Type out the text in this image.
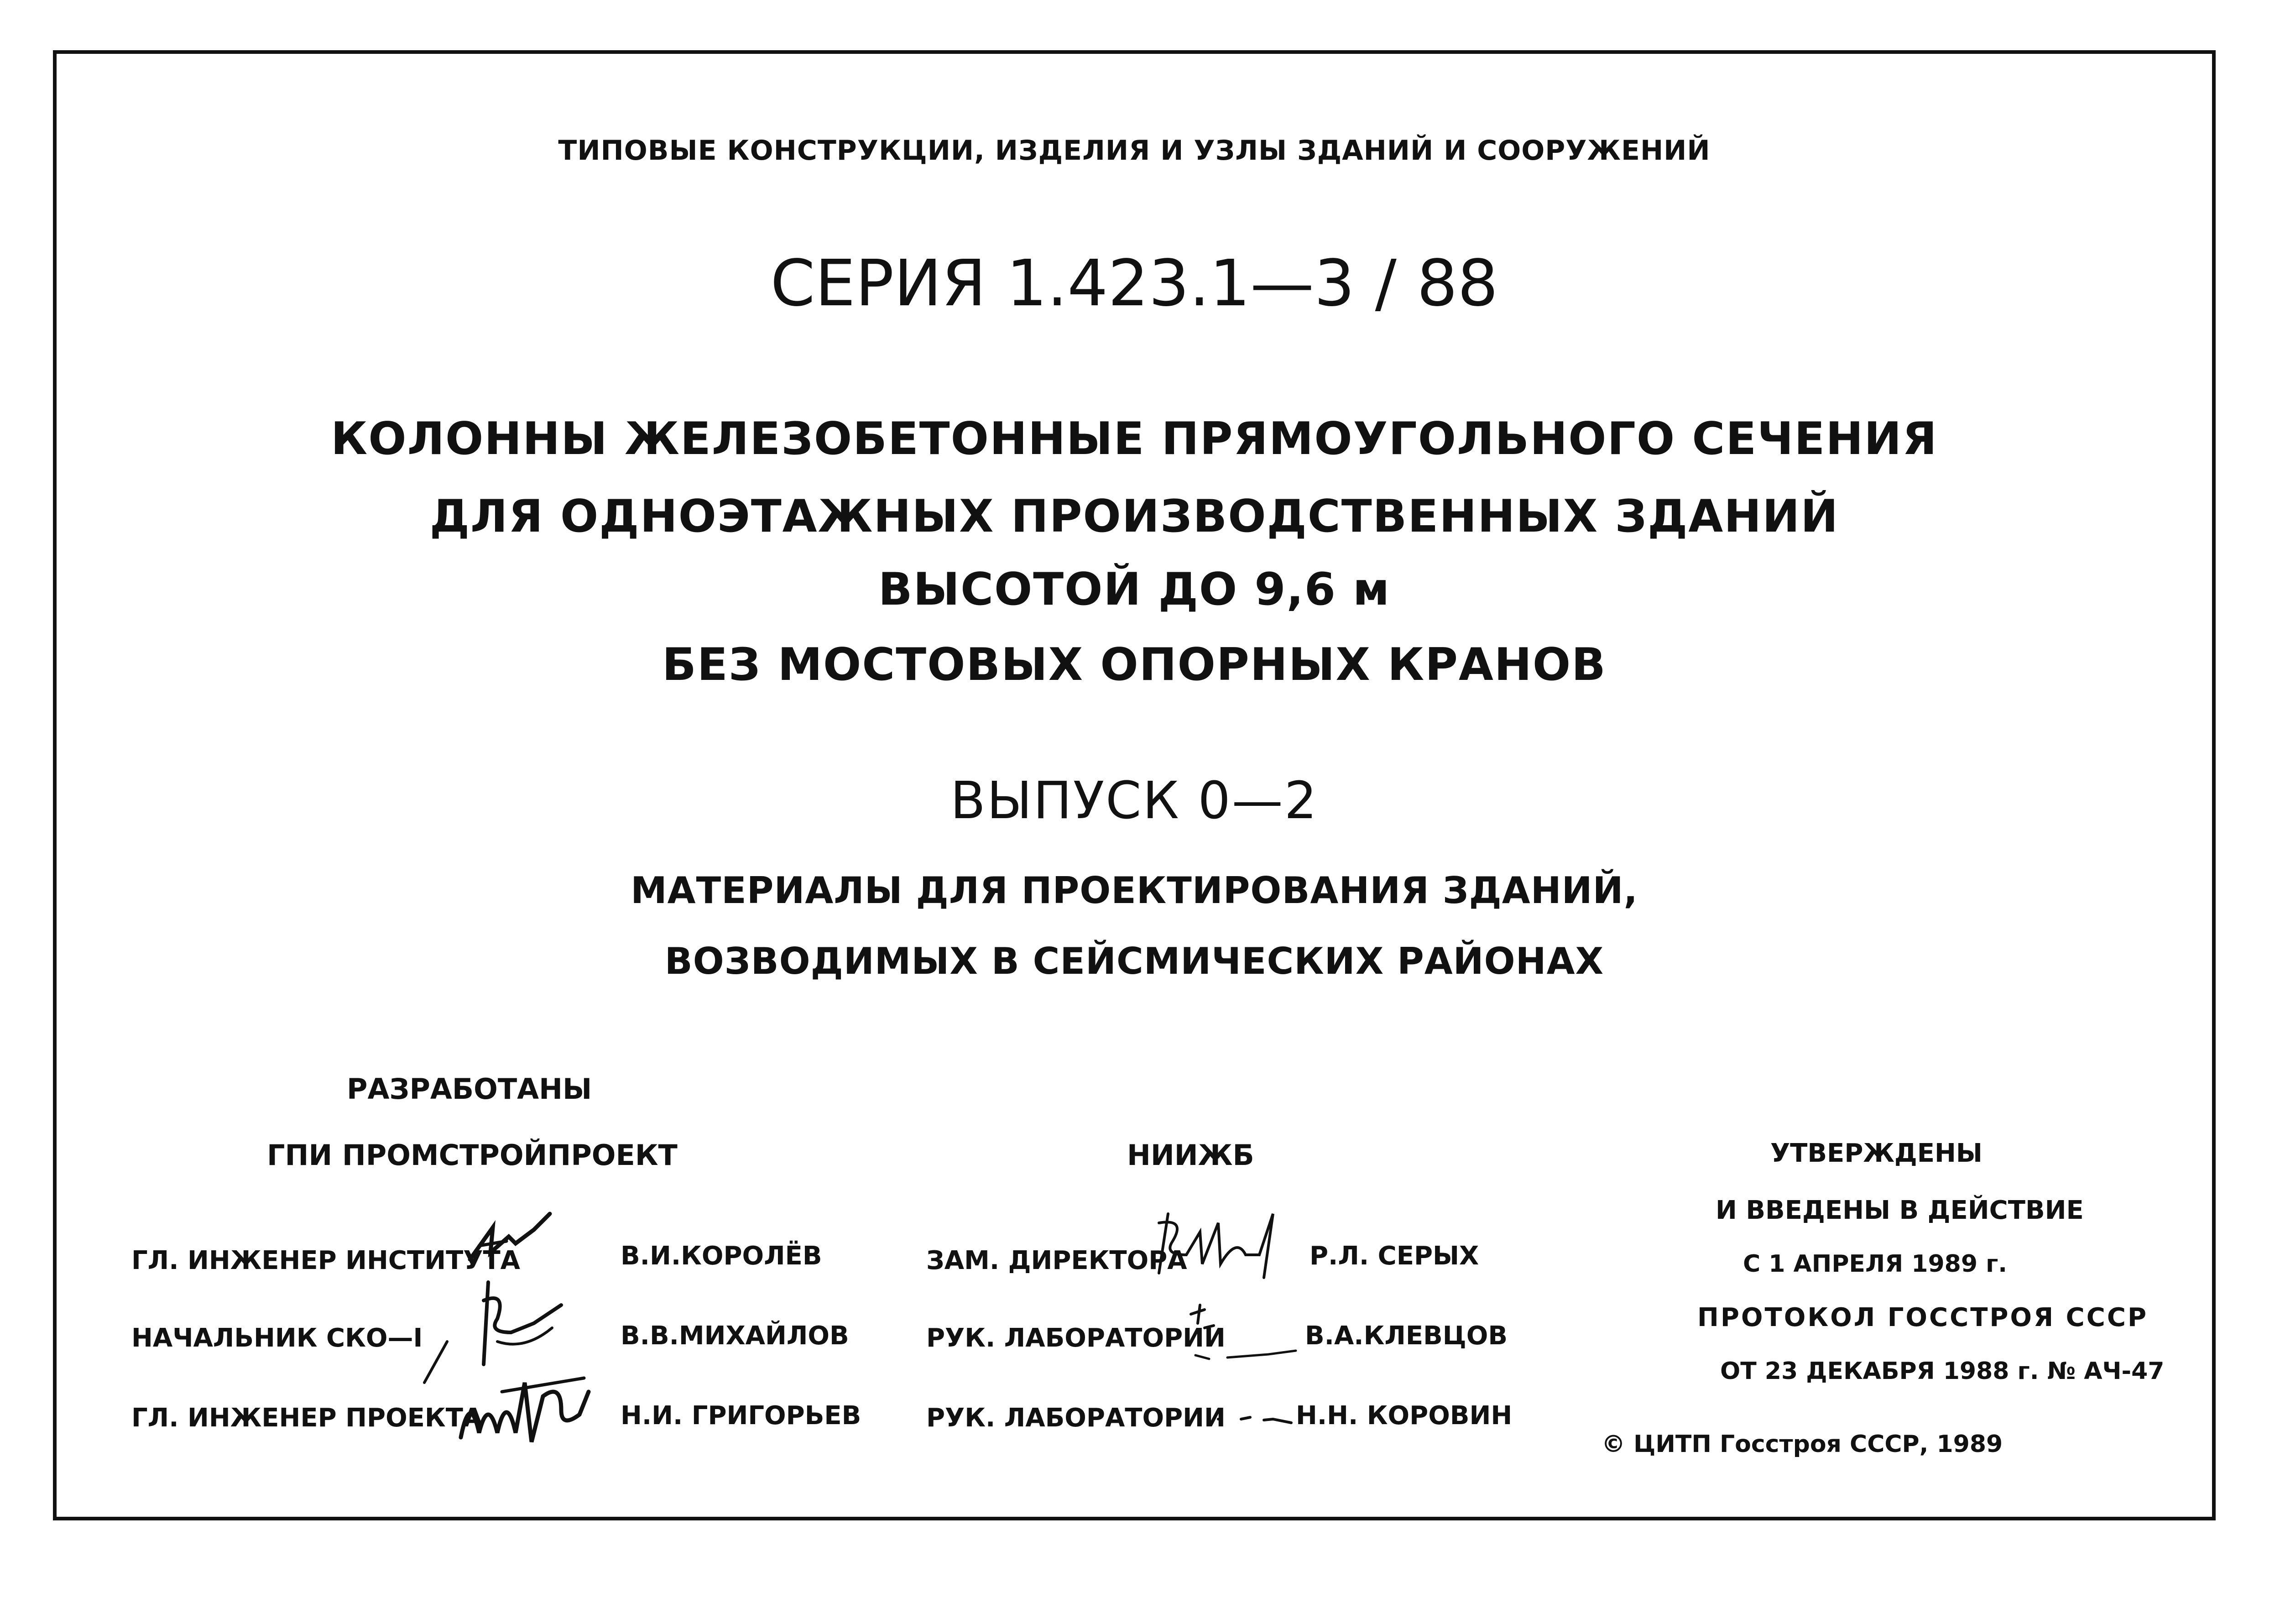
ТИПОВЫЕ КОНСТРУКЦИИ, ИЗДЕЛИЯ И УЗЛЫ ЗДАНИЙ И СООРУЖЕНИЙ
СЕРИЯ 1.423.1—3 / 88
КОЛОННЫ ЖЕЛЕЗОБЕТОННЫЕ ПРЯМОУГОЛЬНОГО СЕЧЕНИЯ
ДЛЯ ОДНОЭТАЖНЫХ ПРОИЗВОДСТВЕННЫХ ЗДАНИЙ
ВЫСОТОЙ ДО 9,6 м
БЕЗ МОСТОВЫХ ОПОРНЫХ КРАНОВ
ВЫПУСК 0—2
МАТЕРИАЛЫ ДЛЯ ПРОЕКТИРОВАНИЯ ЗДАНИЙ,
ВОЗВОДИМЫХ В СЕЙСМИЧЕСКИХ РАЙОНАХ
РАЗРАБОТАНЫ
ГПИ ПРОМСТРОЙПРОЕКТ	НИИЖБ
ГЛ. ИНЖЕНЕР ИНСТИТУТА	В.И.КОРОЛЁВ
НАЧАЛЬНИК СКО—I	В.В.МИХАЙЛОВ
ГЛ. ИНЖЕНЕР ПРОЕКТА	Н.И. ГРИГОРЬЕВ
ЗАМ. ДИРЕКТОРА	Р.Л. СЕРЫХ
РУК. ЛАБОРАТОРИИ	В.А.КЛЕВЦОВ
РУК. ЛАБОРАТОРИИ	Н.Н. КОРОВИН
УТВЕРЖДЕНЫ
И ВВЕДЕНЫ В ДЕЙСТВИЕ
С 1 АПРЕЛЯ 1989 г.
ПРОТОКОЛ ГОССТРОЯ СССР
ОТ 23 ДЕКАБРЯ 1988 г. № АЧ-47
© ЦИТП Госстроя СССР, 1989
